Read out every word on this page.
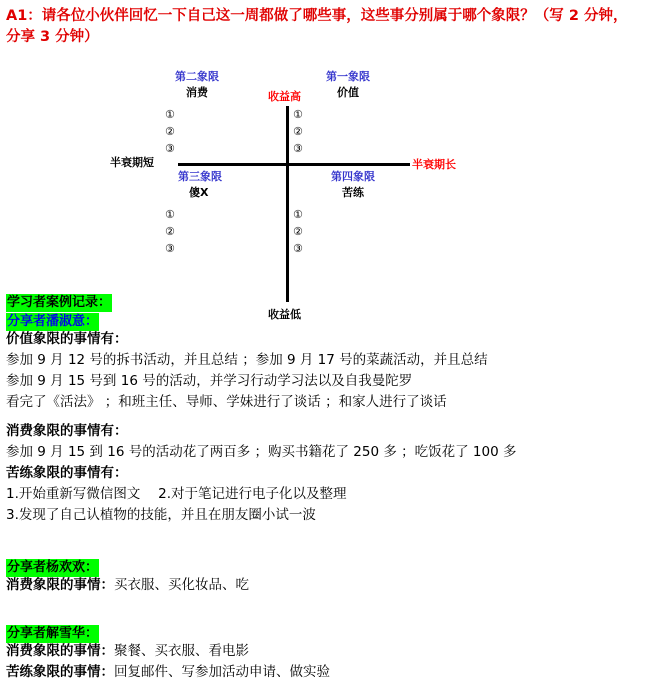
A1：请各位小伙伴回忆一下自己这一周都做了哪些事，这些事分别属于哪个象限？（写 2 分钟，分享 3 分钟）
收益高
收益低
半衰期短	半衰期长
第二象限
消费
①
②
③
第一象限
价值
①
②
③
第三象限
傻X
①
②
③
第四象限
苦练
①
②
③
学习者案例记录：
分享者潘淑意：
价值象限的事情有：
参加 9 月 12 号的拆书活动，并且总结 ；参加 9 月 17 号的菜蔬活动，并且总结
参加 9 月 15 号到 16 号的活动，并学习行动学习法以及自我曼陀罗
看完了《活法》 ；和班主任、导师、学妹进行了谈话 ；和家人进行了谈话
消费象限的事情有：
参加 9 月 15 到 16 号的活动花了两百多 ；购买书籍花了 250 多 ；吃饭花了 100 多
苦练象限的事情有：
1.开始重新写微信图文　 2.对于笔记进行电子化以及整理
3.发现了自己认植物的技能，并且在朋友圈小试一波
分享者杨欢欢：
消费象限的事情：买衣服、买化妆品、吃
分享者解雪华：
消费象限的事情：聚餐、买衣服、看电影
苦练象限的事情：回复邮件、写参加活动申请、做实验
